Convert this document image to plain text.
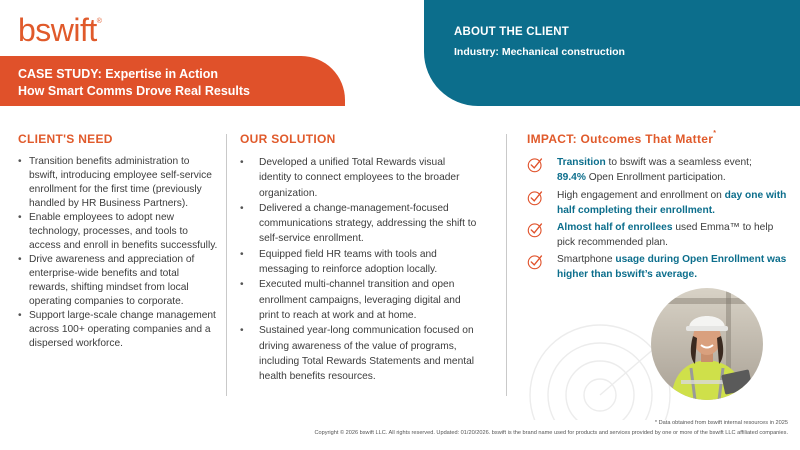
bswift®
CASE STUDY: Expertise in Action
How Smart Comms Drove Real Results
ABOUT THE CLIENT
Industry: Mechanical construction
CLIENT'S NEED
• Transition benefits administration to bswift, introducing employee self-service enrollment for the first time (previously handled by HR Business Partners).
• Enable employees to adopt new technology, processes, and tools to access and enroll in benefits successfully.
• Drive awareness and appreciation of enterprise-wide benefits and total rewards, shifting mindset from local operating companies to corporate.
• Support large-scale change management across 100+ operating companies and a dispersed workforce.
OUR SOLUTION
• Developed a unified Total Rewards visual identity to connect employees to the broader organization.
• Delivered a change-management-focused communications strategy, addressing the shift to self-service enrollment.
• Equipped field HR teams with tools and messaging to reinforce adoption locally.
• Executed multi-channel transition and open enrollment campaigns, leveraging digital and print to reach at work and at home.
• Sustained year-long communication focused on driving awareness of the value of programs, including Total Rewards Statements and mental health benefits resources.
IMPACT: Outcomes That Matter*
Transition to bswift was a seamless event;
89.4% Open Enrollment participation.
High engagement and enrollment on day one with half completing their enrollment.
Almost half of enrollees used Emma™ to help pick recommended plan.
Smartphone usage during Open Enrollment was higher than bswift’s average.
* Data obtained from bswift internal resources in 2025
Copyright © 2026 bswift LLC. All rights reserved. Updated: 01/20/2026. bswift is the brand name used for products and services provided by one or more of the bswift LLC affiliated companies.
